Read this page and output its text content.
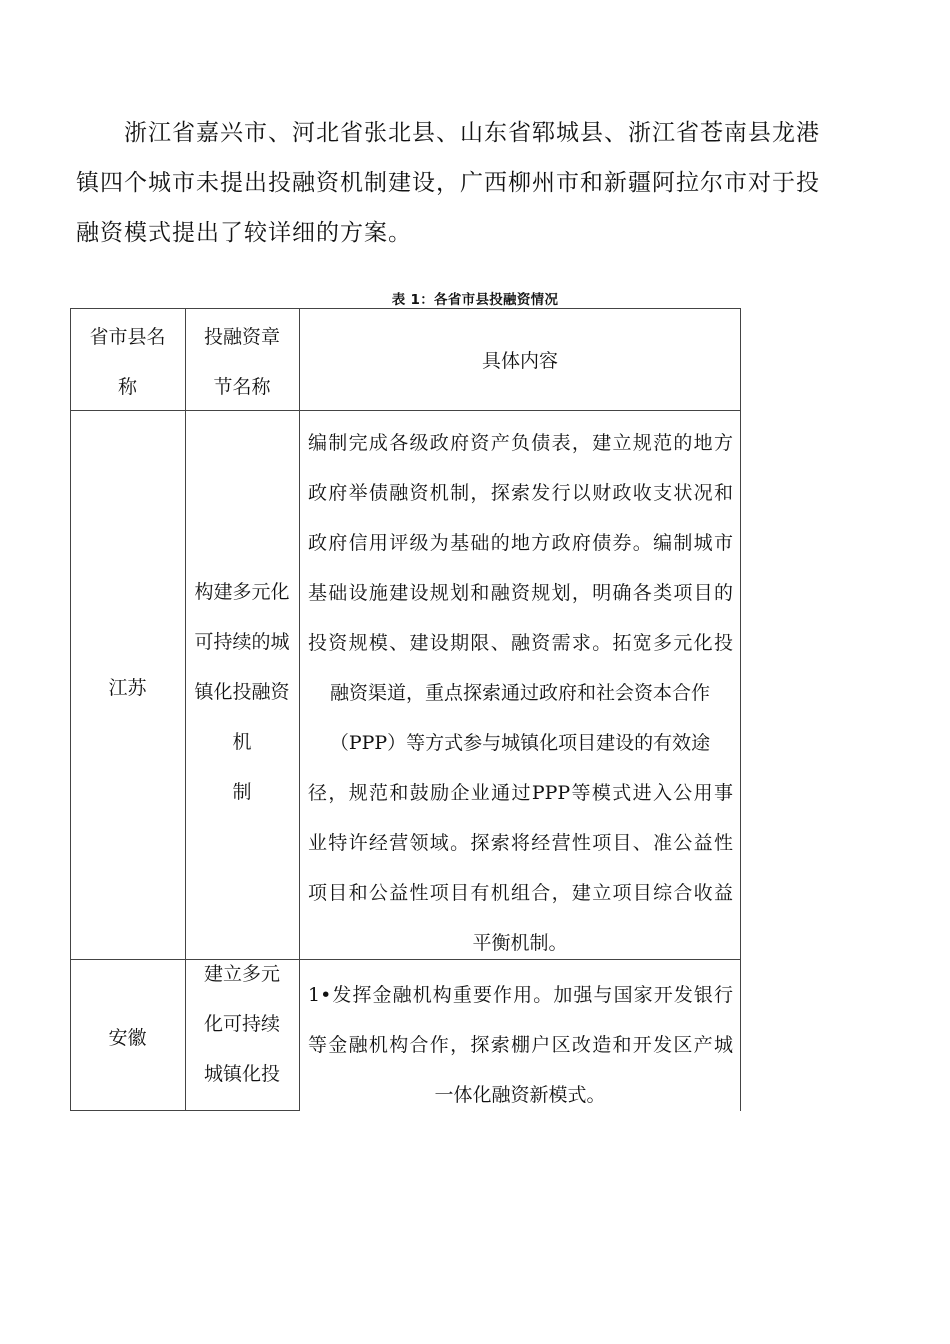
浙江省嘉兴市、河北省张北县、山东省郓城县、浙江省苍南县龙港
镇四个城市未提出投融资机制建设，广西柳州市和新疆阿拉尔市对于投
融资模式提出了较详细的方案。
表 1：各省市县投融资情况
省市县名
称
投融资章
节名称
具体内容
江苏
构建多元化
可持续的城
镇化投融资
机
制
编制完成各级政府资产负债表，建立规范的地方
政府举债融资机制，探索发行以财政收支状况和
政府信用评级为基础的地方政府债券。编制城市
基础设施建设规划和融资规划，明确各类项目的
投资规模、建设期限、融资需求。拓宽多元化投
融资渠道，重点探索通过政府和社会资本合作
（PPP）等方式参与城镇化项目建设的有效途
径，规范和鼓励企业通过PPP等模式进入公用事
业特许经营领域。探索将经营性项目、准公益性
项目和公益性项目有机组合，建立项目综合收益
平衡机制。
安徽
建立多元
化可持续
城镇化投
1•发挥金融机构重要作用。加强与国家开发银行
等金融机构合作，探索棚户区改造和开发区产城
一体化融资新模式。
